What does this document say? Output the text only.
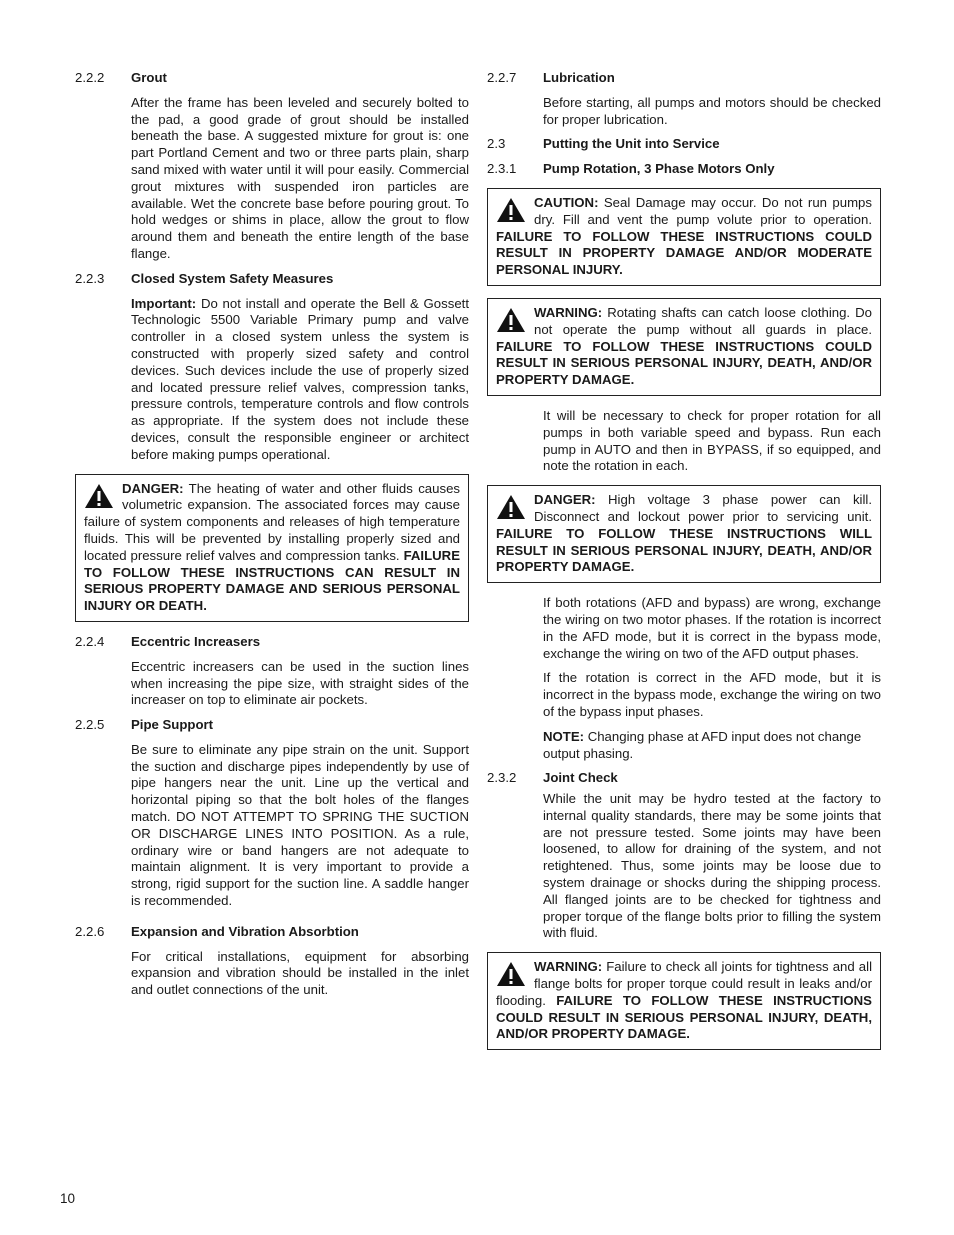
2.2.2	Grout

After the frame has been leveled and securely bolted to the pad, a good grade of grout should be installed beneath the base. A suggested mixture for grout is: one part Portland Cement and two or three parts plain, sharp sand mixed with water until it will pour easily. Commercial grout mixtures with suspended iron particles are available. Wet the concrete base before pouring grout. To hold wedges or shims in place, allow the grout to flow around them and beneath the entire length of the base flange.

2.2.3	Closed System Safety Measures

Important: Do not install and operate the Bell & Gossett Technologic 5500 Variable Primary pump and valve controller in a closed system unless the system is constructed with properly sized safety and control devices. Such devices include the use of properly sized and located pressure relief valves, compression tanks, pressure controls, temperature controls and flow controls as appropriate. If the system does not include these devices, consult the responsible engineer or architect before making pumps operational.

DANGER: The heating of water and other fluids causes volumetric expansion. The associated forces may cause failure of system components and releases of high temperature fluids. This will be prevented by installing properly sized and located pressure relief valves and compression tanks. FAILURE TO FOLLOW THESE INSTRUCTIONS CAN RESULT IN SERIOUS PROPERTY DAMAGE AND SERIOUS PERSONAL INJURY OR DEATH.
2.2.4	Eccentric Increasers

Eccentric increasers can be used in the suction lines when increasing the pipe size, with straight sides of the increaser on top to eliminate air pockets.

2.2.5	Pipe Support

Be sure to eliminate any pipe strain on the unit. Support the suction and discharge pipes independently by use of pipe hangers near the unit. Line up the vertical and horizontal piping so that the bolt holes of the flanges match. DO NOT ATTEMPT TO SPRING THE SUCTION OR DISCHARGE LINES INTO POSITION. As a rule, ordinary wire or band hangers are not adequate to maintain alignment. It is very important to provide a strong, rigid support for the suction line. A saddle hanger is recommended.

2.2.6	Expansion and Vibration Absorbtion

For critical installations, equipment for absorbing expansion and vibration should be installed in the inlet and outlet connections of the unit.

2.2.7	Lubrication

Before starting, all pumps and motors should be checked for proper lubrication.

2.3	Putting the Unit into Service
2.3.1	Pump Rotation, 3 Phase Motors Only
CAUTION: Seal Damage may occur. Do not run pumps dry. Fill and vent the pump volute prior to operation. FAILURE TO FOLLOW THESE INSTRUCTIONS COULD RESULT IN PROPERTY DAMAGE AND/OR MODERATE PERSONAL INJURY.
WARNING: Rotating shafts can catch loose clothing. Do not operate the pump without all guards in place. FAILURE TO FOLLOW THESE INSTRUCTIONS COULD RESULT IN SERIOUS PERSONAL INJURY, DEATH, AND/OR PROPERTY DAMAGE.

It will be necessary to check for proper rotation for all pumps in both variable speed and bypass. Run each pump in AUTO and then in BYPASS, if so equipped, and note the rotation in each.

DANGER: High voltage 3 phase power can kill. Disconnect and lockout power prior to servicing unit. FAILURE TO FOLLOW THESE INSTRUCTIONS WILL RESULT IN SERIOUS PERSONAL INJURY, DEATH, AND/OR PROPERTY DAMAGE.

If both rotations (AFD and bypass) are wrong, exchange the wiring on two motor phases. If the rotation is incorrect in the AFD mode, but it is correct in the bypass mode, exchange the wiring on two of the AFD output phases.

If the rotation is correct in the AFD mode, but it is incorrect in the bypass mode, exchange the wiring on two of the bypass input phases.

NOTE: Changing phase at AFD input does not change output phasing.

2.3.2	Joint Check

While the unit may be hydro tested at the factory to internal quality standards, there may be some joints that are not pressure tested. Some joints may have been loosened, to allow for draining of the system, and not retightened. Thus, some joints may be loose due to system drainage or shocks during the shipping process. All flanged joints are to be checked for tightness and proper torque of the flange bolts prior to filling the system with fluid.

WARNING: Failure to check all joints for tightness and all flange bolts for proper torque could result in leaks and/or flooding. FAILURE TO FOLLOW THESE INSTRUCTIONS COULD RESULT IN SERIOUS PERSONAL INJURY, DEATH, AND/OR PROPERTY DAMAGE.
10
